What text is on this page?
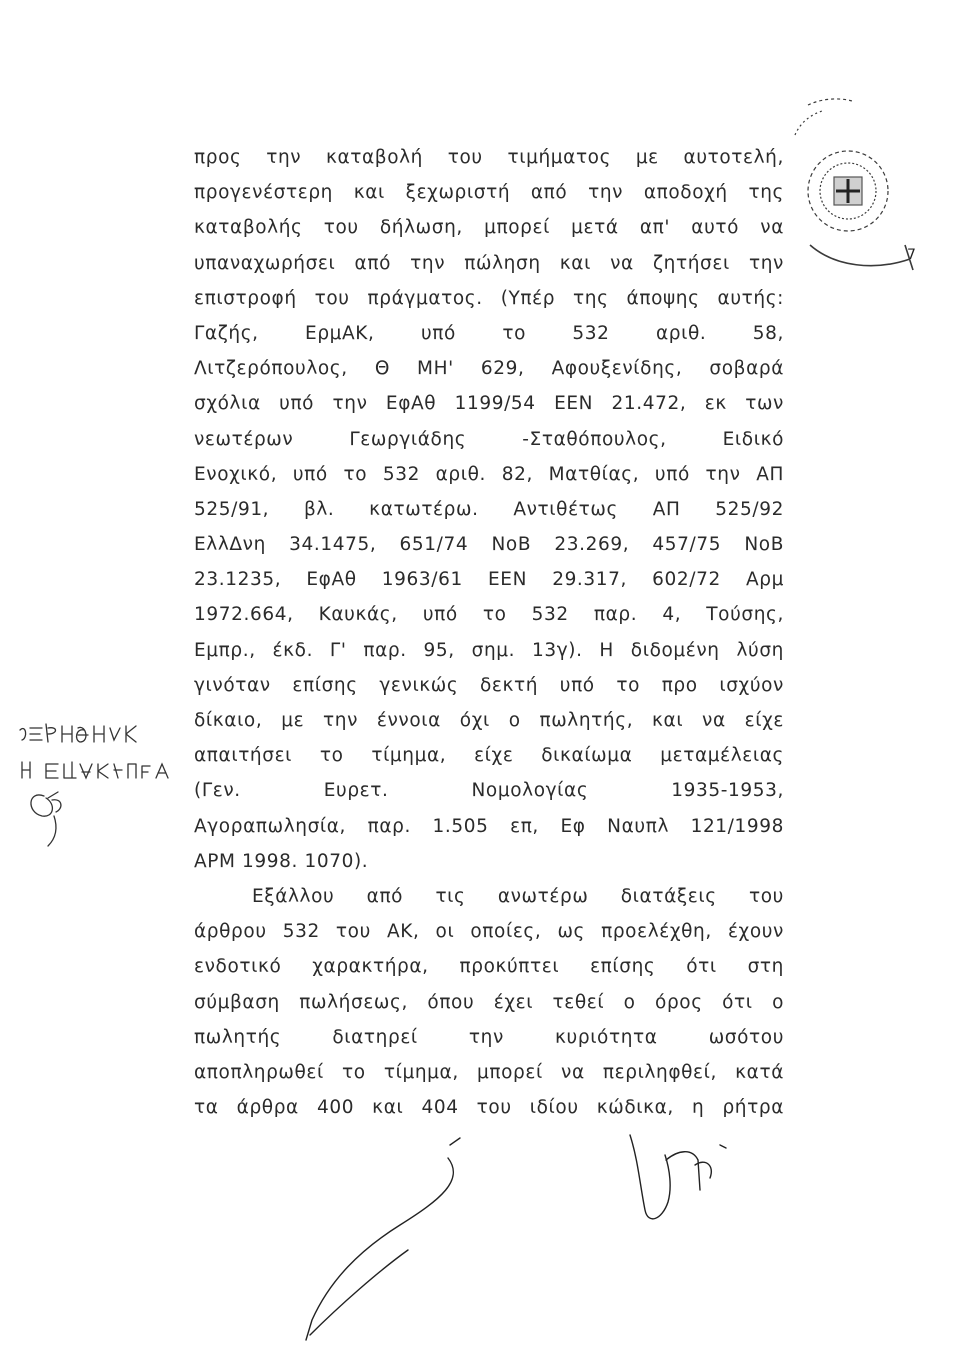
προς την καταβολή του τιμήματος με αυτοτελή,
προγενέστερη και ξεχωριστή από την αποδοχή της
καταβολής του δήλωση, μπορεί μετά απ' αυτό να
υπαναχωρήσει από την πώληση και να ζητήσει την
επιστροφή του πράγματος. (Υπέρ της άποψης αυτής:
Γαζής, ΕρμΑΚ, υπό το 532 αριθ. 58,
Λιτζερόπουλος, Θ ΜΗ' 629, Αφουξενίδης, σοβαρά
σχόλια υπό την ΕφΑθ 1199/54 ΕΕΝ 21.472, εκ των
νεωτέρων Γεωργιάδης -Σταθόπουλος, Ειδικό
Ενοχικό, υπό το 532 αριθ. 82, Ματθίας, υπό την ΑΠ
525/91, βλ. κατωτέρω. Αντιθέτως ΑΠ 525/92
ΕλλΔνη 34.1475, 651/74 ΝοΒ 23.269, 457/75 ΝοΒ
23.1235, ΕφΑθ 1963/61 ΕΕΝ 29.317, 602/72 Αρμ
1972.664, Καυκάς, υπό το 532 παρ. 4, Τούσης,
Εμπρ., έκδ. Γ' παρ. 95, σημ. 13γ). Η διδομένη λύση
γινόταν επίσης γενικώς δεκτή υπό το προ ισχύον
δίκαιο, με την έννοια όχι ο πωλητής, και να είχε
απαιτήσει το τίμημα, είχε δικαίωμα μεταμέλειας
(Γεν. Ευρετ. Νομολογίας 1935-1953,
Αγοραπωλησία, παρ. 1.505 επ, Εφ Ναυπλ 121/1998
ΑΡΜ 1998. 1070).
Εξάλλου από τις ανωτέρω διατάξεις του
άρθρου 532 του ΑΚ, οι οποίες, ως προελέχθη, έχουν
ενδοτικό χαρακτήρα, προκύπτει επίσης ότι στη
σύμβαση πωλήσεως, όπου έχει τεθεί ο όρος ότι ο
πωλητής διατηρεί την κυριότητα ωσότου
αποπληρωθεί το τίμημα, μπορεί να περιληφθεί, κατά
τα άρθρα 400 και 404 του ιδίου κώδικα, η ρήτρα
7
